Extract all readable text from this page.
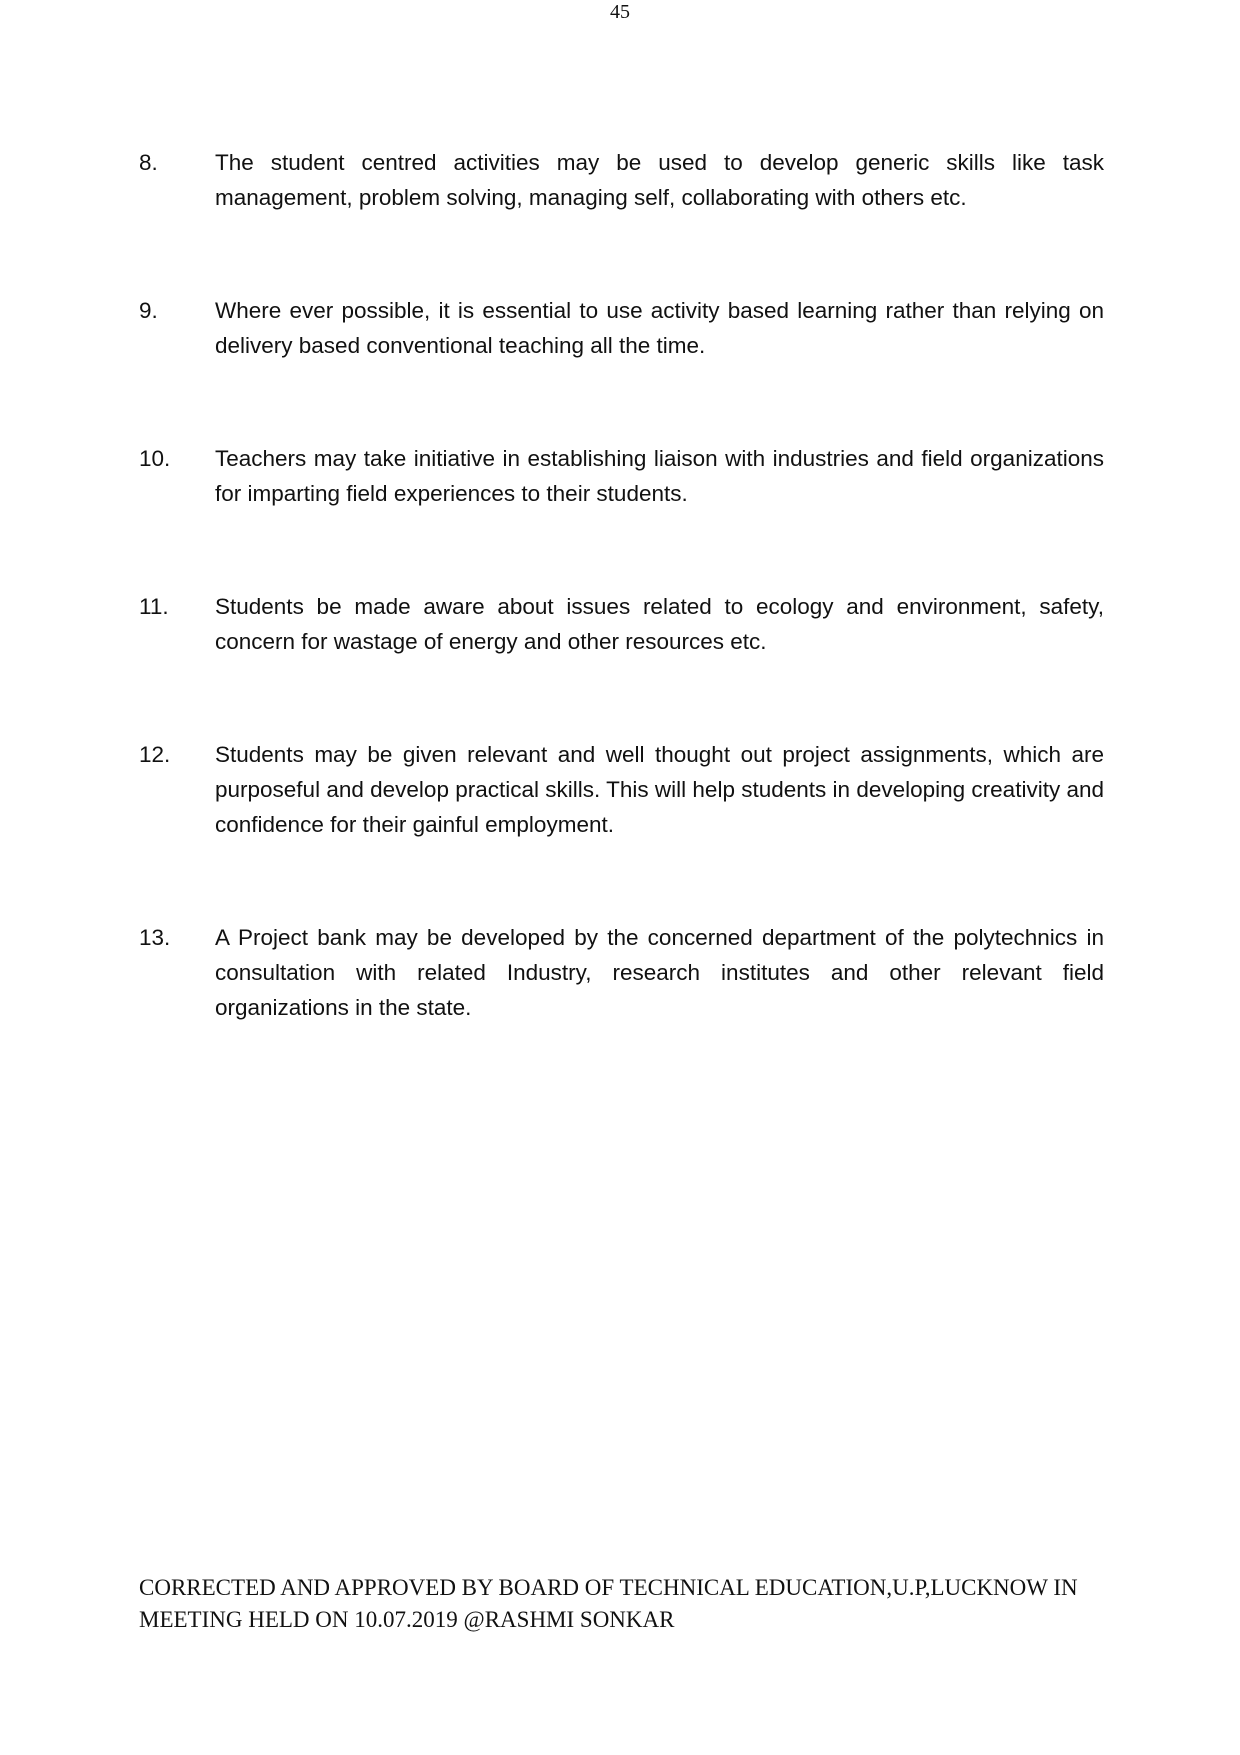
45
8.	The student centred activities may be used to develop generic skills like task management, problem solving, managing self, collaborating with others etc.
9.	Where ever possible, it is essential to use activity based learning rather than relying on delivery based conventional teaching all the time.
10.	Teachers may take initiative in establishing liaison with industries and field organizations for imparting field experiences to their students.
11.	Students be made aware about issues related to ecology and environment, safety, concern for wastage of energy and other resources etc.
12.	Students may be given relevant and well thought out project assignments, which are purposeful and develop practical skills. This will help students in developing creativity and confidence for their gainful employment.
13.	A Project bank may be developed by the concerned department of the polytechnics in consultation with related Industry, research institutes and other relevant field organizations in the state.
CORRECTED AND APPROVED BY BOARD OF TECHNICAL EDUCATION,U.P,LUCKNOW IN
MEETING HELD ON 10.07.2019 @RASHMI SONKAR
